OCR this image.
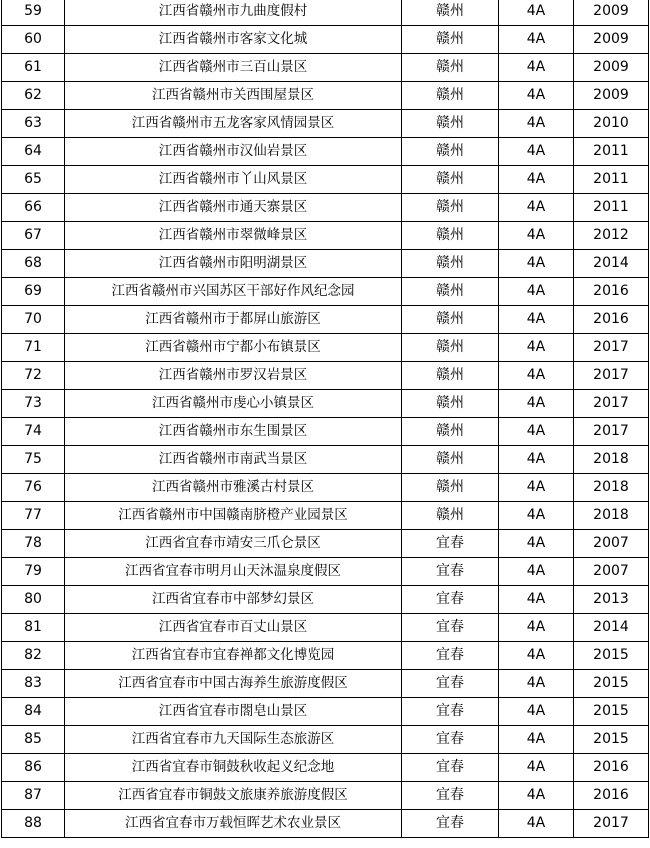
59	江西省赣州市九曲度假村	赣州	4A	2009
60	江西省赣州市客家文化城	赣州	4A	2009
61	江西省赣州市三百山景区	赣州	4A	2009
62	江西省赣州市关西围屋景区	赣州	4A	2009
63	江西省赣州市五龙客家风情园景区	赣州	4A	2010
64	江西省赣州市汉仙岩景区	赣州	4A	2011
65	江西省赣州市丫山风景区	赣州	4A	2011
66	江西省赣州市通天寨景区	赣州	4A	2011
67	江西省赣州市翠微峰景区	赣州	4A	2012
68	江西省赣州市阳明湖景区	赣州	4A	2014
69	江西省赣州市兴国苏区干部好作风纪念园	赣州	4A	2016
70	江西省赣州市于都屏山旅游区	赣州	4A	2016
71	江西省赣州市宁都小布镇景区	赣州	4A	2017
72	江西省赣州市罗汉岩景区	赣州	4A	2017
73	江西省赣州市虔心小镇景区	赣州	4A	2017
74	江西省赣州市东生围景区	赣州	4A	2017
75	江西省赣州市南武当景区	赣州	4A	2018
76	江西省赣州市雅溪古村景区	赣州	4A	2018
77	江西省赣州市中国赣南脐橙产业园景区	赣州	4A	2018
78	江西省宜春市靖安三爪仑景区	宜春	4A	2007
79	江西省宜春市明月山天沐温泉度假区	宜春	4A	2007
80	江西省宜春市中部梦幻景区	宜春	4A	2013
81	江西省宜春市百丈山景区	宜春	4A	2014
82	江西省宜春市宜春禅都文化博览园	宜春	4A	2015
83	江西省宜春市中国古海养生旅游度假区	宜春	4A	2015
84	江西省宜春市閤皂山景区	宜春	4A	2015
85	江西省宜春市九天国际生态旅游区	宜春	4A	2015
86	江西省宜春市铜鼓秋收起义纪念地	宜春	4A	2016
87	江西省宜春市铜鼓文旅康养旅游度假区	宜春	4A	2016
88	江西省宜春市万载恒晖艺术农业景区	宜春	4A	2017
